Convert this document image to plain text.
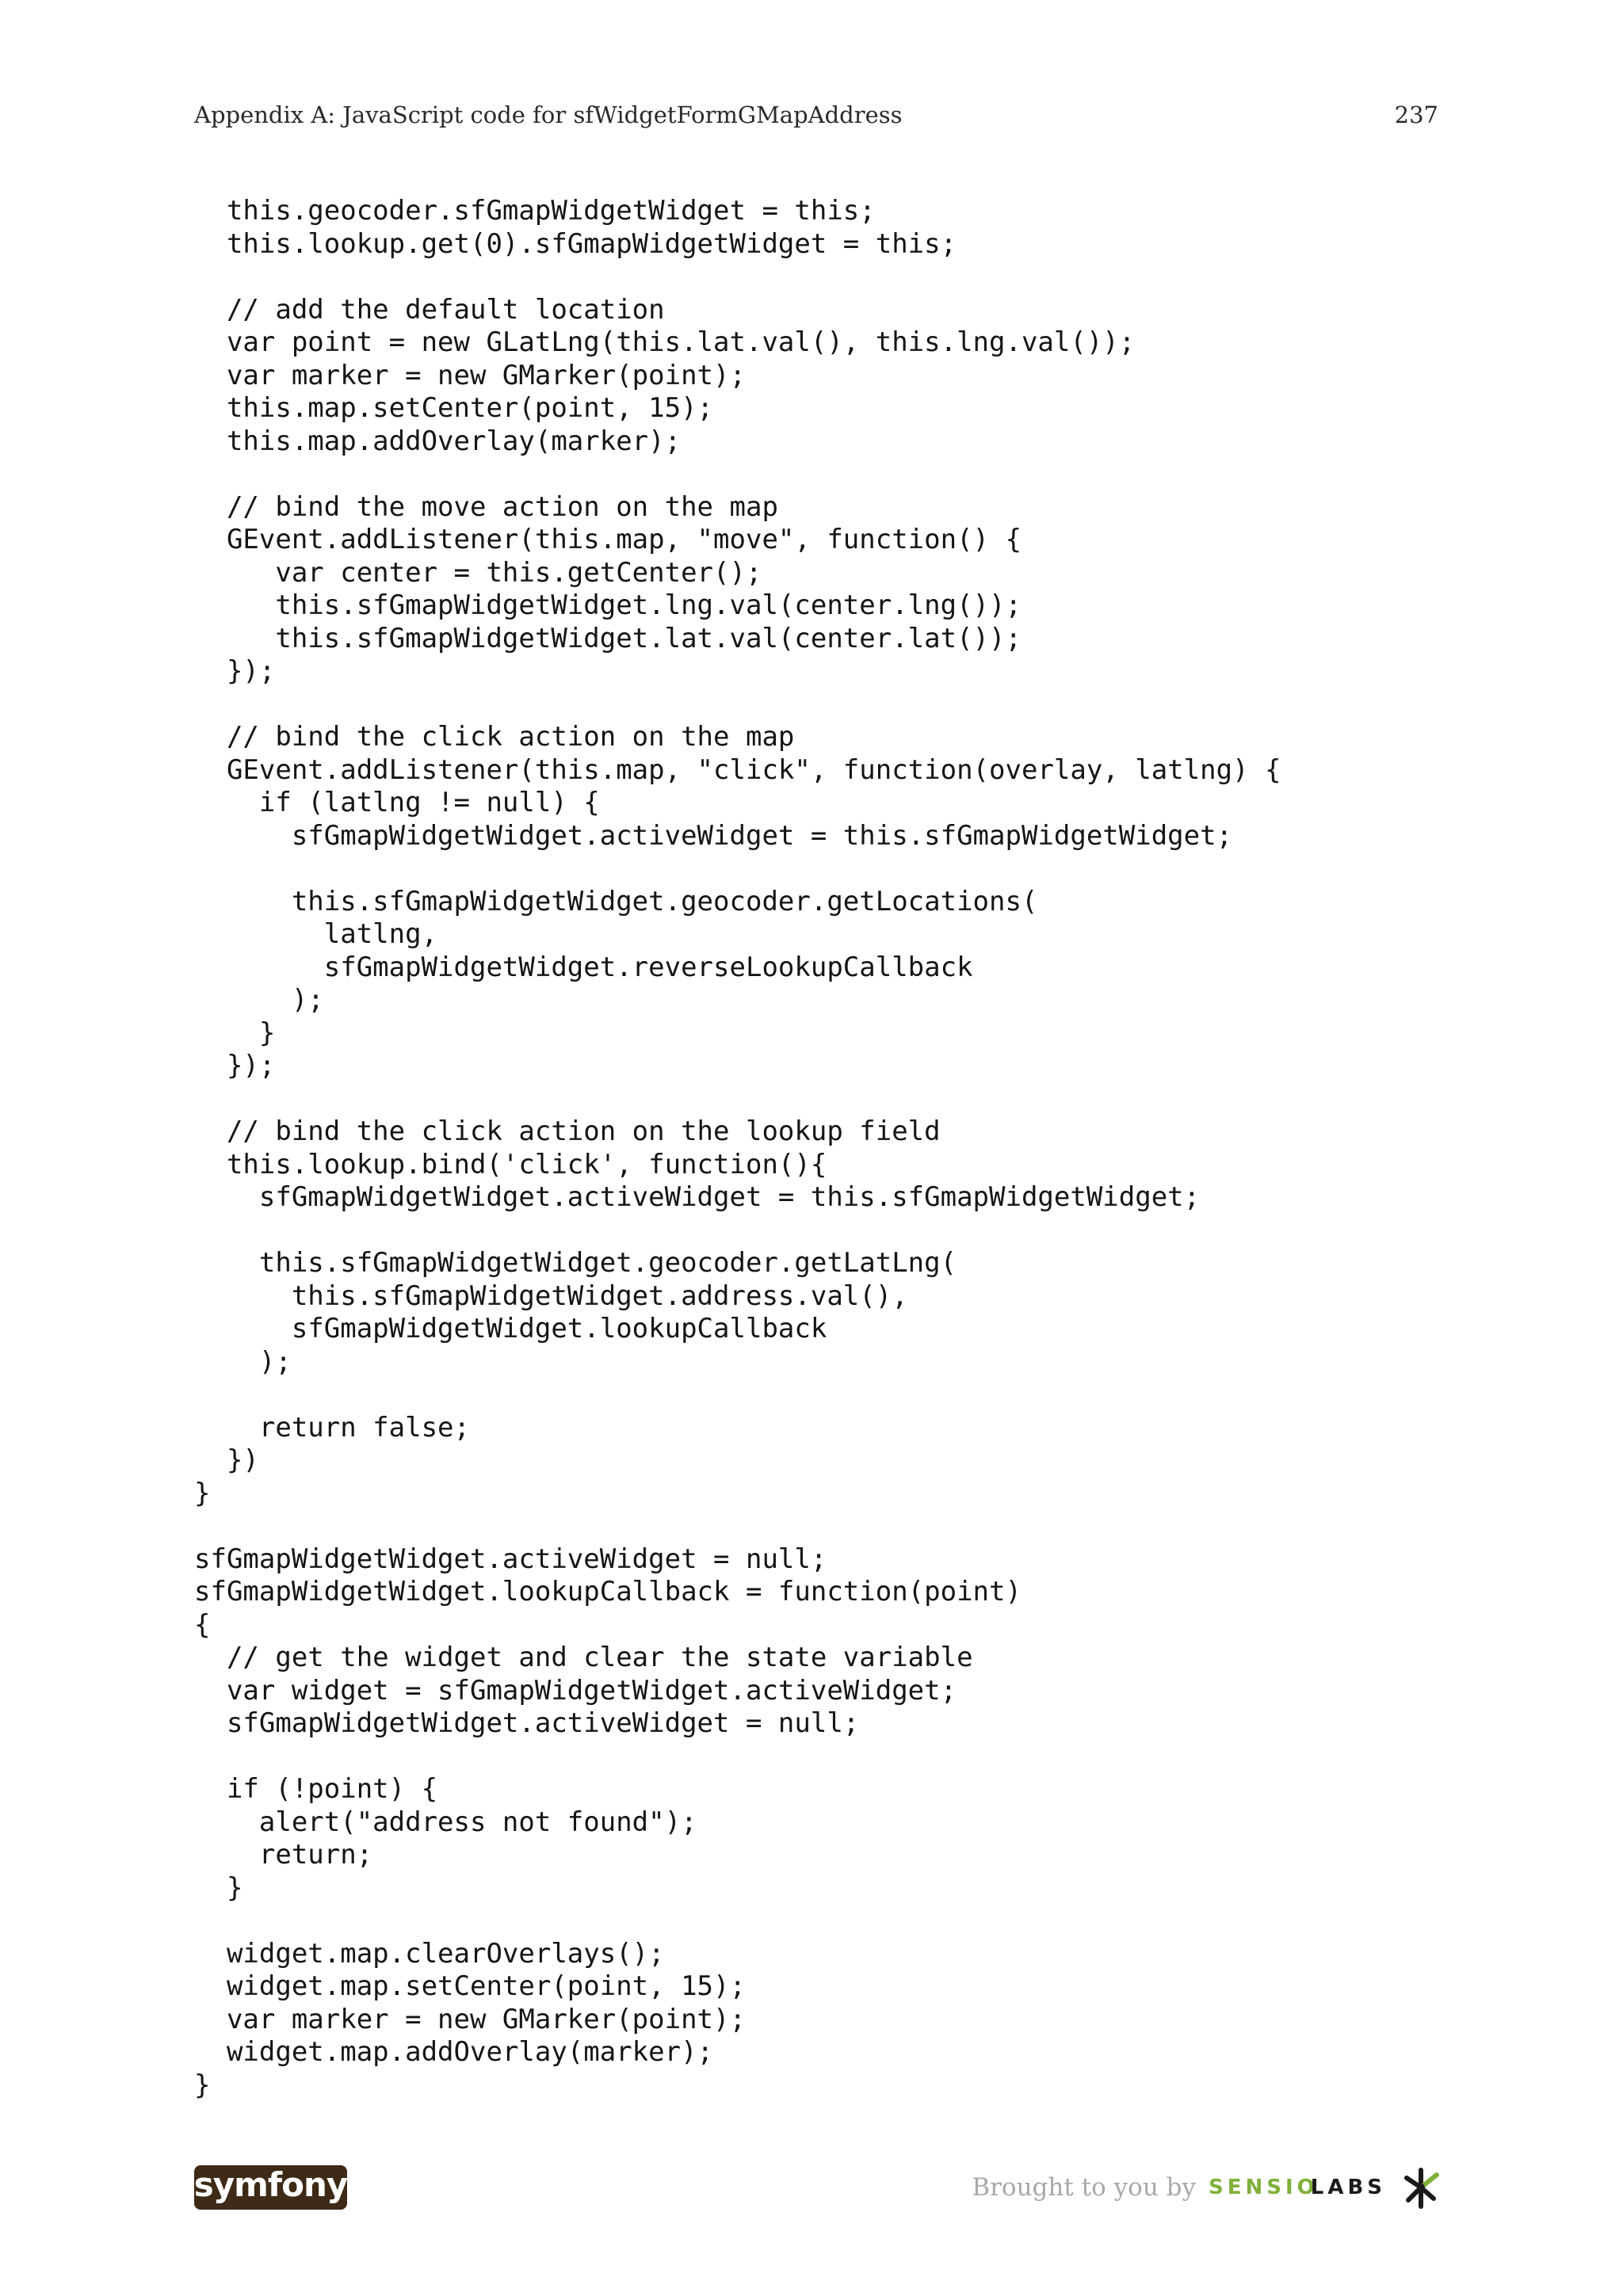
Appendix A: JavaScript code for sfWidgetFormGMapAddress	237
this.geocoder.sfGmapWidgetWidget = this;
this.lookup.get(0).sfGmapWidgetWidget = this;
// add the default location
var point = new GLatLng(this.lat.val(), this.lng.val());
var marker = new GMarker(point);
this.map.setCenter(point, 15);
this.map.addOverlay(marker);
// bind the move action on the map
GEvent.addListener(this.map, "move", function() {
var center = this.getCenter();
this.sfGmapWidgetWidget.lng.val(center.lng());
this.sfGmapWidgetWidget.lat.val(center.lat());
});
// bind the click action on the map
GEvent.addListener(this.map, "click", function(overlay, latlng) {
if (latlng != null) {
sfGmapWidgetWidget.activeWidget = this.sfGmapWidgetWidget;
this.sfGmapWidgetWidget.geocoder.getLocations(
latlng,
sfGmapWidgetWidget.reverseLookupCallback
);
}
});
// bind the click action on the lookup field
this.lookup.bind('click', function(){
sfGmapWidgetWidget.activeWidget = this.sfGmapWidgetWidget;
this.sfGmapWidgetWidget.geocoder.getLatLng(
this.sfGmapWidgetWidget.address.val(),
sfGmapWidgetWidget.lookupCallback
);
return false;
})
}
sfGmapWidgetWidget.activeWidget = null;
sfGmapWidgetWidget.lookupCallback = function(point)
{
// get the widget and clear the state variable
var widget = sfGmapWidgetWidget.activeWidget;
sfGmapWidgetWidget.activeWidget = null;
if (!point) {
alert("address not found");
return;
}
widget.map.clearOverlays();
widget.map.setCenter(point, 15);
var marker = new GMarker(point);
widget.map.addOverlay(marker);
}
symfony	Brought to you by SENSIO
LABS
